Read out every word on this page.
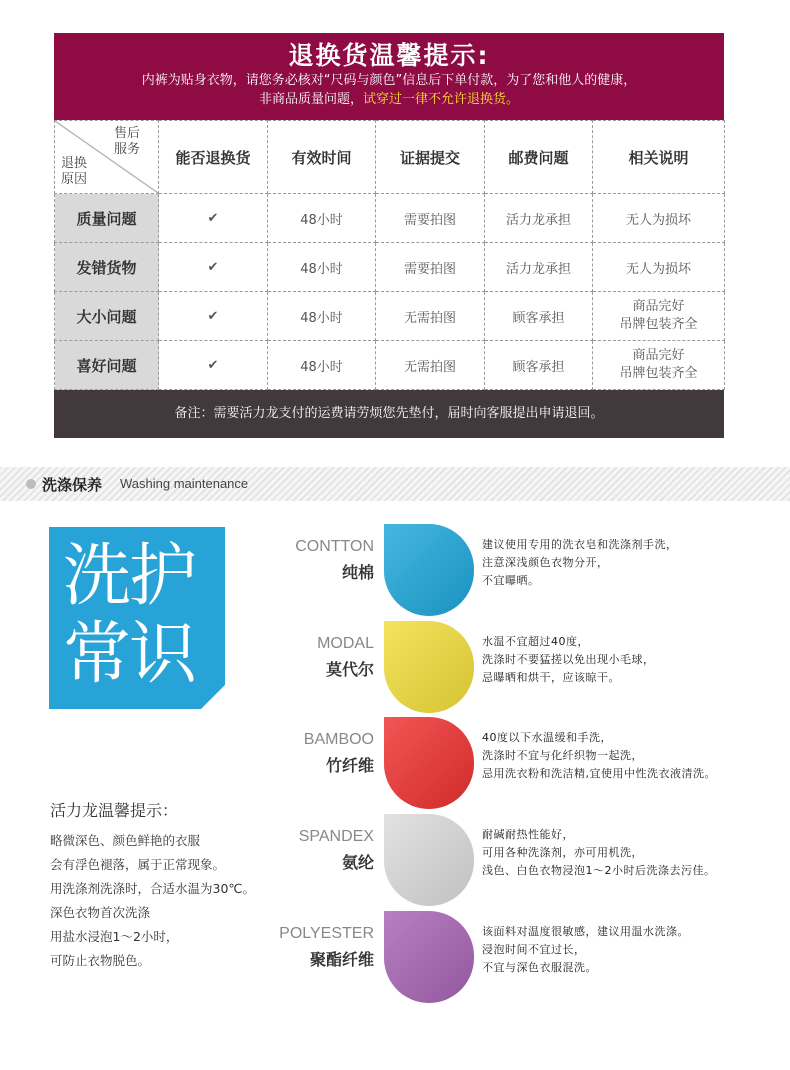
退换货温馨提示:
内裤为贴身衣物，请您务必核对“尺码与颜色”信息后下单付款，为了您和他人的健康，
非商品质量问题，试穿过一律不允许退换货。
售后服务
退换原因	能否退换货	有效时间	证据提交	邮费问题	相关说明
质量问题	✔	48小时	需要拍图	活力龙承担	无人为损坏
发错货物	✔	48小时	需要拍图	活力龙承担	无人为损坏
大小问题	✔	48小时	无需拍图	顾客承担	商品完好
吊牌包装齐全

喜好问题	✔	48小时	无需拍图	顾客承担	商品完好
吊牌包装齐全
备注：需要活力龙支付的运费请劳烦您先垫付，届时向客服提出申请退回。
洗涤保养 Washing maintenance
洗护
常识
活力龙温馨提示：
略微深色、颜色鲜艳的衣服
会有浮色褪落，属于正常现象。
用洗涤剂洗涤时，合适水温为30℃。
深色衣物首次洗涤
用盐水浸泡1～2小时，
可防止衣物脱色。
CONTTON
纯棉
建议使用专用的洗衣皂和洗涤剂手洗，
注意深浅颜色衣物分开，
不宜曝晒。
MODAL
莫代尔
水温不宜超过40度，
洗涤时不要猛搓以免出现小毛球，
忌曝晒和烘干，应该晾干。
BAMBOO
竹纤维
40度以下水温缓和手洗，
洗涤时不宜与化纤织物一起洗，
忌用洗衣粉和洗洁精,宜使用中性洗衣液清洗。
SPANDEX
氨纶
耐碱耐热性能好，
可用各种洗涤剂，亦可用机洗，
浅色、白色衣物浸泡1～2小时后洗涤去污佳。
POLYESTER
聚酯纤维
该面料对温度很敏感，建议用温水洗涤。
浸泡时间不宜过长，
不宜与深色衣服混洗。
